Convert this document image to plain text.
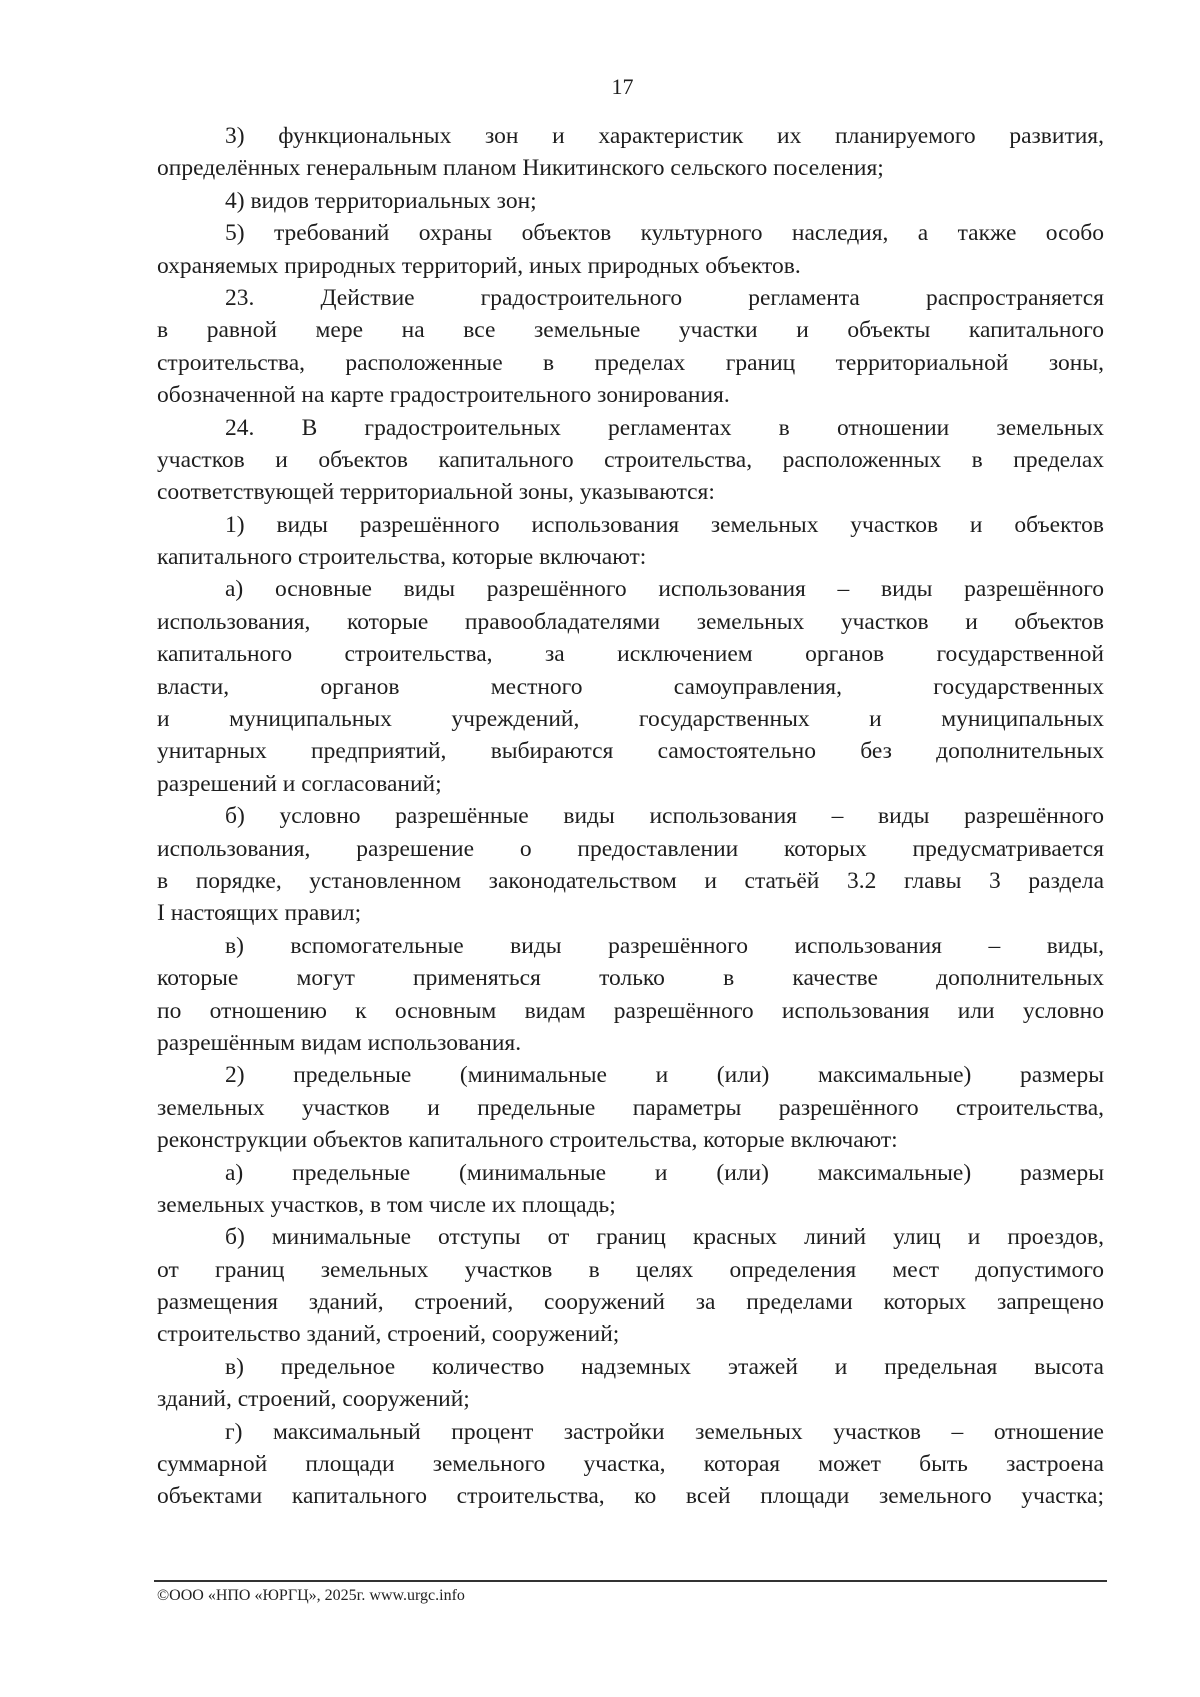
17
3) функциональных зон и характеристик их планируемого развития,
определённых генеральным планом Никитинского сельского поселения;
4) видов территориальных зон;
5) требований охраны объектов культурного наследия, а также особо
охраняемых природных территорий, иных природных объектов.
23. Действие градостроительного регламента распространяется
в равной мере на все земельные участки и объекты капитального
строительства, расположенные в пределах границ территориальной зоны,
обозначенной на карте градостроительного зонирования.
24. В градостроительных регламентах в отношении земельных
участков и объектов капитального строительства, расположенных в пределах
соответствующей территориальной зоны, указываются:
1) виды разрешённого использования земельных участков и объектов
капитального строительства, которые включают:
а) основные виды разрешённого использования – виды разрешённого
использования, которые правообладателями земельных участков и объектов
капитального строительства, за исключением органов государственной
власти, органов местного самоуправления, государственных
и муниципальных учреждений, государственных и муниципальных
унитарных предприятий, выбираются самостоятельно без дополнительных
разрешений и согласований;
б) условно разрешённые виды использования – виды разрешённого
использования, разрешение о предоставлении которых предусматривается
в порядке, установленном законодательством и статьёй 3.2 главы 3 раздела
I настоящих правил;
в) вспомогательные виды разрешённого использования – виды,
которые могут применяться только в качестве дополнительных
по отношению к основным видам разрешённого использования или условно
разрешённым видам использования.
2) предельные (минимальные и (или) максимальные) размеры
земельных участков и предельные параметры разрешённого строительства,
реконструкции объектов капитального строительства, которые включают:
а) предельные (минимальные и (или) максимальные) размеры
земельных участков, в том числе их площадь;
б) минимальные отступы от границ красных линий улиц и проездов,
от границ земельных участков в целях определения мест допустимого
размещения зданий, строений, сооружений за пределами которых запрещено
строительство зданий, строений, сооружений;
в) предельное количество надземных этажей и предельная высота
зданий, строений, сооружений;
г) максимальный процент застройки земельных участков – отношение
суммарной площади земельного участка, которая может быть застроена
объектами капитального строительства, ко всей площади земельного участка;
©ООО «НПО «ЮРГЦ», 2025г. www.urgc.info
